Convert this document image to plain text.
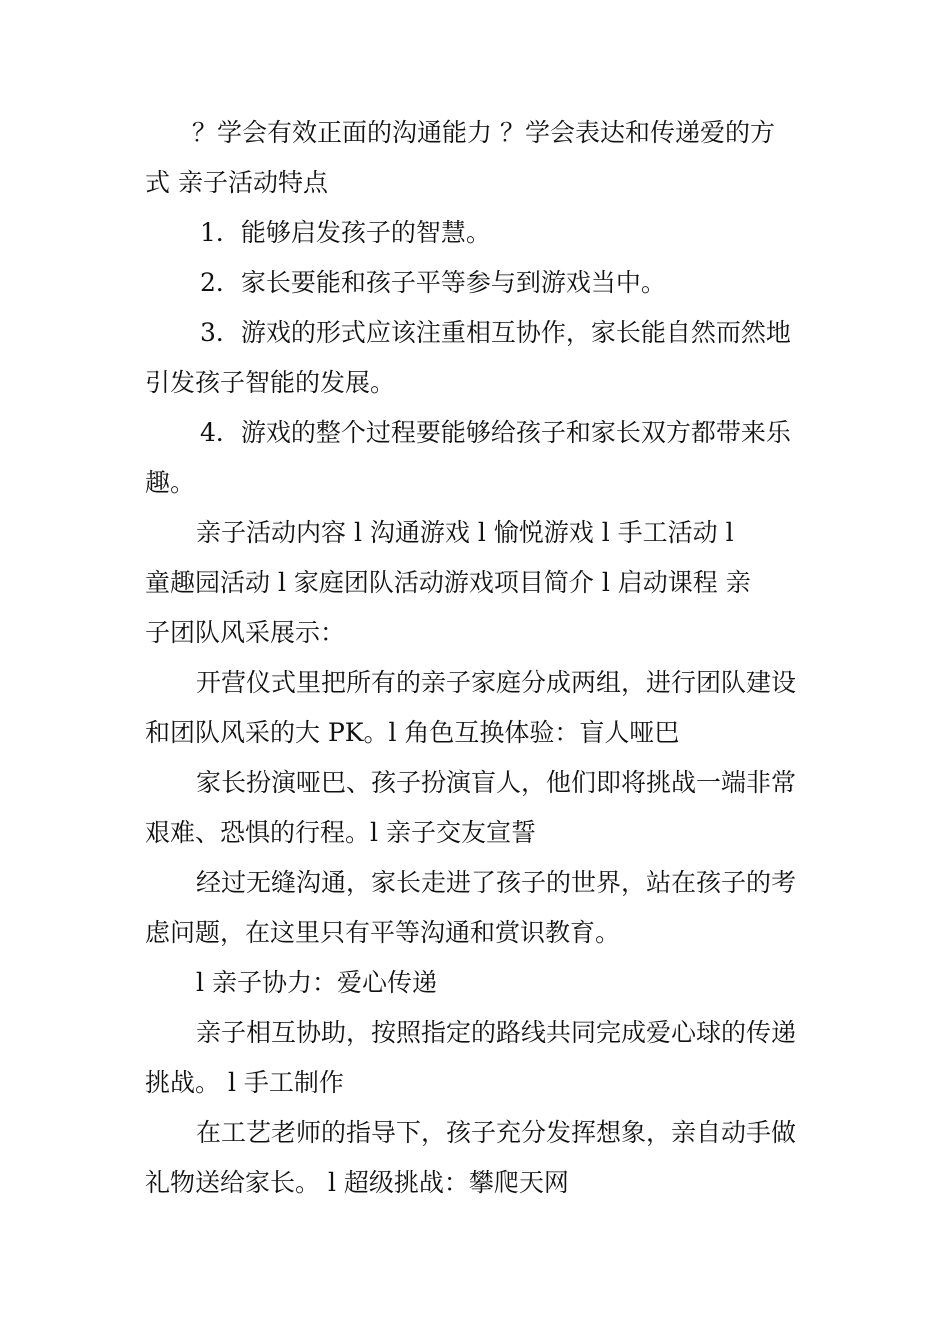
？学会有效正面的沟通能力 ？学会表达和传递爱的方
式 亲子活动特点
1．能够启发孩子的智慧。
2．家长要能和孩子平等参与到游戏当中。
3．游戏的形式应该注重相互协作，家长能自然而然地
引发孩子智能的发展。
4．游戏的整个过程要能够给孩子和家长双方都带来乐
趣。
亲子活动内容 l 沟通游戏 l 愉悦游戏 l 手工活动 l
童趣园活动 l 家庭团队活动游戏项目简介 l 启动课程 亲
子团队风采展示：
开营仪式里把所有的亲子家庭分成两组，进行团队建设
和团队风采的大 PK。l 角色互换体验：盲人哑巴
家长扮演哑巴、孩子扮演盲人，他们即将挑战一端非常
艰难、恐惧的行程。l 亲子交友宣誓
经过无缝沟通，家长走进了孩子的世界，站在孩子的考
虑问题，在这里只有平等沟通和赏识教育。
l 亲子协力：爱心传递
亲子相互协助，按照指定的路线共同完成爱心球的传递
挑战。 l 手工制作
在工艺老师的指导下，孩子充分发挥想象，亲自动手做
礼物送给家长。 l 超级挑战：攀爬天网
